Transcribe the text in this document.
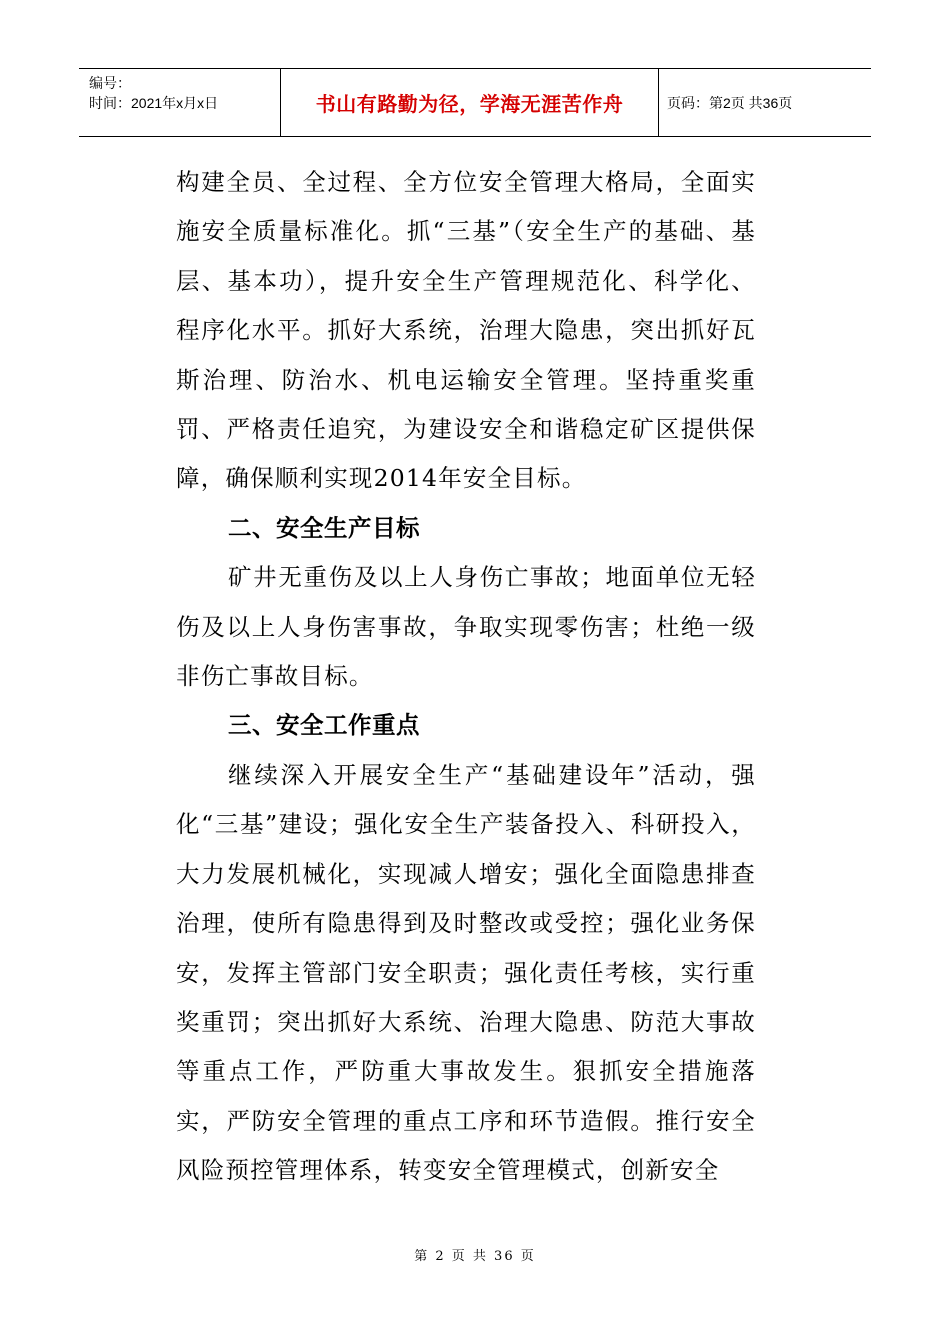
编号：
时间：2021年x月x日	书山有路勤为径，学海无涯苦作舟	页码：第2页 共36页

构建全员、全过程、全方位安全管理大格局，全面实施安全质量标准化。抓“三基”（安全生产的基础、基层、基本功），提升安全生产管理规范化、科学化、程序化水平。抓好大系统，治理大隐患，突出抓好瓦斯治理、防治水、机电运输安全管理。坚持重奖重罚、严格责任追究，为建设安全和谐稳定矿区提供保障，确保顺利实现2014年安全目标。

二、安全生产目标

矿井无重伤及以上人身伤亡事故；地面单位无轻伤及以上人身伤害事故，争取实现零伤害；杜绝一级非伤亡事故目标。

三、安全工作重点

继续深入开展安全生产“基础建设年”活动，强化“三基”建设；强化安全生产装备投入、科研投入，大力发展机械化，实现减人增安；强化全面隐患排查治理，使所有隐患得到及时整改或受控；强化业务保安，发挥主管部门安全职责；强化责任考核，实行重奖重罚；突出抓好大系统、治理大隐患、防范大事故等重点工作，严防重大事故发生。狠抓安全措施落实，严防安全管理的重点工序和环节造假。推行安全风险预控管理体系，转变安全管理模式，创新安全

第 2 页 共 36 页
